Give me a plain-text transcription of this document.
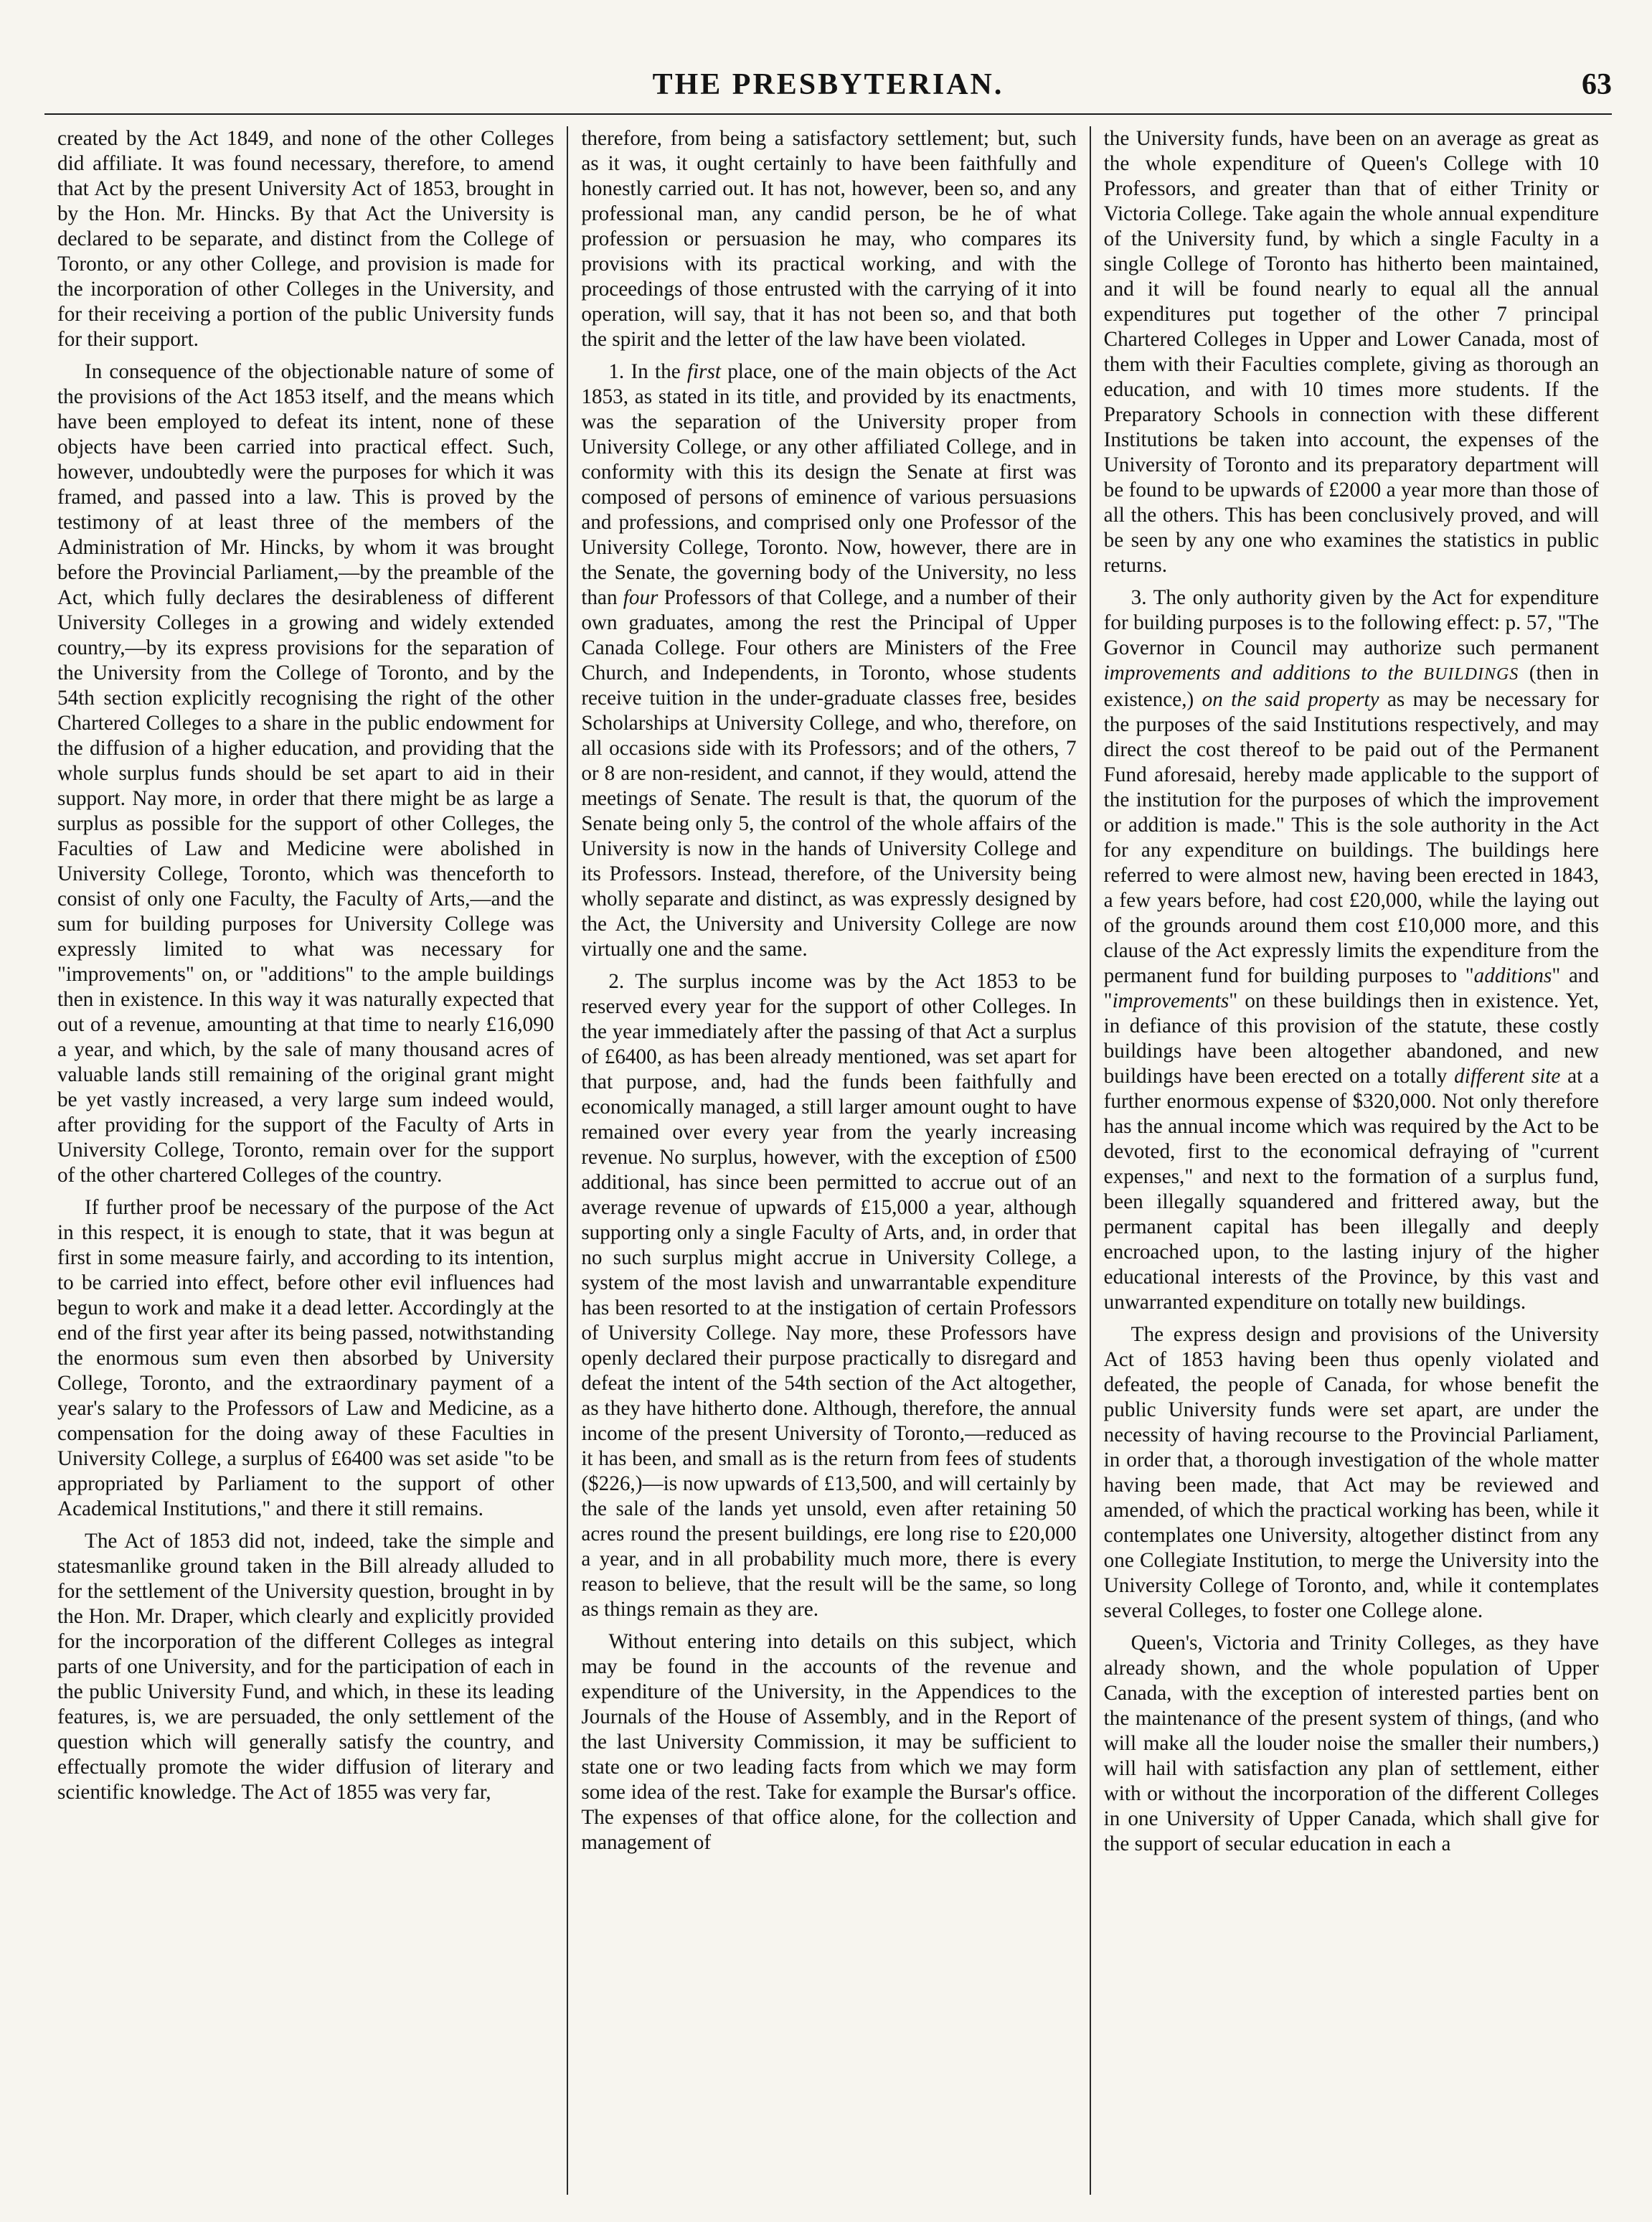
THE PRESBYTERIAN.	63

created by the Act 1849, and none of the other Colleges did affiliate. It was found necessary, therefore, to amend that Act by the present University Act of 1853, brought in by the Hon. Mr. Hincks. By that Act the University is declared to be separate, and distinct from the College of Toronto, or any other College, and provision is made for the incorporation of other Colleges in the University, and for their receiving a portion of the public University funds for their support.

In consequence of the objectionable nature of some of the provisions of the Act 1853 itself, and the means which have been employed to defeat its intent, none of these objects have been carried into practical effect. Such, however, undoubtedly were the purposes for which it was framed, and passed into a law. This is proved by the testimony of at least three of the members of the Administration of Mr. Hincks, by whom it was brought before the Provincial Parliament,—by the preamble of the Act, which fully declares the desirableness of different University Colleges in a growing and widely extended country,—by its express provisions for the separation of the University from the College of Toronto, and by the 54th section explicitly recognising the right of the other Chartered Colleges to a share in the public endowment for the diffusion of a higher education, and providing that the whole surplus funds should be set apart to aid in their support. Nay more, in order that there might be as large a surplus as possible for the support of other Colleges, the Faculties of Law and Medicine were abolished in University College, Toronto, which was thenceforth to consist of only one Faculty, the Faculty of Arts,—and the sum for building purposes for University College was expressly limited to what was necessary for "improvements" on, or "additions" to the ample buildings then in existence. In this way it was naturally expected that out of a revenue, amounting at that time to nearly £16,090 a year, and which, by the sale of many thousand acres of valuable lands still remaining of the original grant might be yet vastly increased, a very large sum indeed would, after providing for the support of the Faculty of Arts in University College, Toronto, remain over for the support of the other chartered Colleges of the country.

If further proof be necessary of the purpose of the Act in this respect, it is enough to state, that it was begun at first in some measure fairly, and according to its intention, to be carried into effect, before other evil influences had begun to work and make it a dead letter. Accordingly at the end of the first year after its being passed, notwithstanding the enormous sum even then absorbed by University College, Toronto, and the extraordinary payment of a year's salary to the Professors of Law and Medicine, as a compensation for the doing away of these Faculties in University College, a surplus of £6400 was set aside "to be appropriated by Parliament to the support of other Academical Institutions," and there it still remains.

The Act of 1853 did not, indeed, take the simple and statesmanlike ground taken in the Bill already alluded to for the settlement of the University question, brought in by the Hon. Mr. Draper, which clearly and explicitly provided for the incorporation of the different Colleges as integral parts of one University, and for the participation of each in the public University Fund, and which, in these its leading features, is, we are persuaded, the only settlement of the question which will generally satisfy the country, and effectually promote the wider diffusion of literary and scientific knowledge. The Act of 1855 was very far,

therefore, from being a satisfactory settlement; but, such as it was, it ought certainly to have been faithfully and honestly carried out. It has not, however, been so, and any professional man, any candid person, be he of what profession or persuasion he may, who compares its provisions with its practical working, and with the proceedings of those entrusted with the carrying of it into operation, will say, that it has not been so, and that both the spirit and the letter of the law have been violated.

1. In the first place, one of the main objects of the Act 1853, as stated in its title, and provided by its enactments, was the separation of the University proper from University College, or any other affiliated College, and in conformity with this its design the Senate at first was composed of persons of eminence of various persuasions and professions, and comprised only one Professor of the University College, Toronto. Now, however, there are in the Senate, the governing body of the University, no less than four Professors of that College, and a number of their own graduates, among the rest the Principal of Upper Canada College. Four others are Ministers of the Free Church, and Independents, in Toronto, whose students receive tuition in the under-graduate classes free, besides Scholarships at University College, and who, therefore, on all occasions side with its Professors; and of the others, 7 or 8 are non-resident, and cannot, if they would, attend the meetings of Senate. The result is that, the quorum of the Senate being only 5, the control of the whole affairs of the University is now in the hands of University College and its Professors. Instead, therefore, of the University being wholly separate and distinct, as was expressly designed by the Act, the University and University College are now virtually one and the same.

2. The surplus income was by the Act 1853 to be reserved every year for the support of other Colleges. In the year immediately after the passing of that Act a surplus of £6400, as has been already mentioned, was set apart for that purpose, and, had the funds been faithfully and economically managed, a still larger amount ought to have remained over every year from the yearly increasing revenue. No surplus, however, with the exception of £500 additional, has since been permitted to accrue out of an average revenue of upwards of £15,000 a year, although supporting only a single Faculty of Arts, and, in order that no such surplus might accrue in University College, a system of the most lavish and unwarrantable expenditure has been resorted to at the instigation of certain Professors of University College. Nay more, these Professors have openly declared their purpose practically to disregard and defeat the intent of the 54th section of the Act altogether, as they have hitherto done. Although, therefore, the annual income of the present University of Toronto,—reduced as it has been, and small as is the return from fees of students ($226,)—is now upwards of £13,500, and will certainly by the sale of the lands yet unsold, even after retaining 50 acres round the present buildings, ere long rise to £20,000 a year, and in all probability much more, there is every reason to believe, that the result will be the same, so long as things remain as they are.

Without entering into details on this subject, which may be found in the accounts of the revenue and expenditure of the University, in the Appendices to the Journals of the House of Assembly, and in the Report of the last University Commission, it may be sufficient to state one or two leading facts from which we may form some idea of the rest. Take for example the Bursar's office. The expenses of that office alone, for the collection and management of

the University funds, have been on an average as great as the whole expenditure of Queen's College with 10 Professors, and greater than that of either Trinity or Victoria College. Take again the whole annual expenditure of the University fund, by which a single Faculty in a single College of Toronto has hitherto been maintained, and it will be found nearly to equal all the annual expenditures put together of the other 7 principal Chartered Colleges in Upper and Lower Canada, most of them with their Faculties complete, giving as thorough an education, and with 10 times more students. If the Preparatory Schools in connection with these different Institutions be taken into account, the expenses of the University of Toronto and its preparatory department will be found to be upwards of £2000 a year more than those of all the others. This has been conclusively proved, and will be seen by any one who examines the statistics in public returns.

3. The only authority given by the Act for expenditure for building purposes is to the following effect: p. 57, "The Governor in Council may authorize such permanent improvements and additions to the BUILDINGS (then in existence,) on the said property as may be necessary for the purposes of the said Institutions respectively, and may direct the cost thereof to be paid out of the Permanent Fund aforesaid, hereby made applicable to the support of the institution for the purposes of which the improvement or addition is made." This is the sole authority in the Act for any expenditure on buildings. The buildings here referred to were almost new, having been erected in 1843, a few years before, had cost £20,000, while the laying out of the grounds around them cost £10,000 more, and this clause of the Act expressly limits the expenditure from the permanent fund for building purposes to "additions" and "improvements" on these buildings then in existence. Yet, in defiance of this provision of the statute, these costly buildings have been altogether abandoned, and new buildings have been erected on a totally different site at a further enormous expense of $320,000. Not only therefore has the annual income which was required by the Act to be devoted, first to the economical defraying of "current expenses," and next to the formation of a surplus fund, been illegally squandered and frittered away, but the permanent capital has been illegally and deeply encroached upon, to the lasting injury of the higher educational interests of the Province, by this vast and unwarranted expenditure on totally new buildings.

The express design and provisions of the University Act of 1853 having been thus openly violated and defeated, the people of Canada, for whose benefit the public University funds were set apart, are under the necessity of having recourse to the Provincial Parliament, in order that, a thorough investigation of the whole matter having been made, that Act may be reviewed and amended, of which the practical working has been, while it contemplates one University, altogether distinct from any one Collegiate Institution, to merge the University into the University College of Toronto, and, while it contemplates several Colleges, to foster one College alone.

Queen's, Victoria and Trinity Colleges, as they have already shown, and the whole population of Upper Canada, with the exception of interested parties bent on the maintenance of the present system of things, (and who will make all the louder noise the smaller their numbers,) will hail with satisfaction any plan of settlement, either with or without the incorporation of the different Colleges in one University of Upper Canada, which shall give for the support of secular education in each a
